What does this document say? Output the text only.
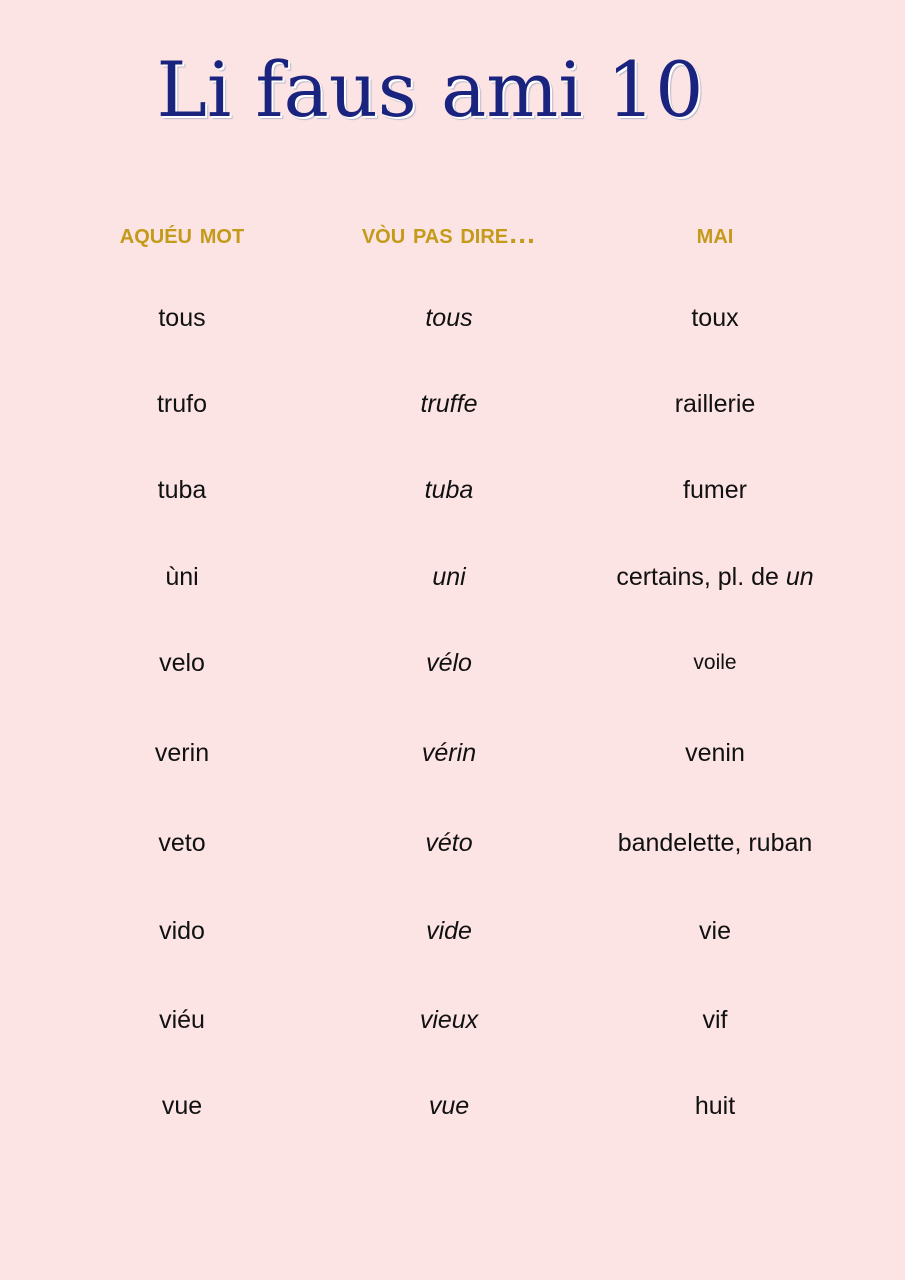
Li faus ami 10
aquéu mot	vòu pas dire…	mai
tous	tous	toux
trufo	truffe	raillerie
tuba	tuba	fumer
ùni	uni	certains, pl. de un
velo	vélo	voile
verin	vérin	venin
veto	véto	bandelette, ruban
vido	vide	vie
viéu	vieux	vif
vue	vue	huit
